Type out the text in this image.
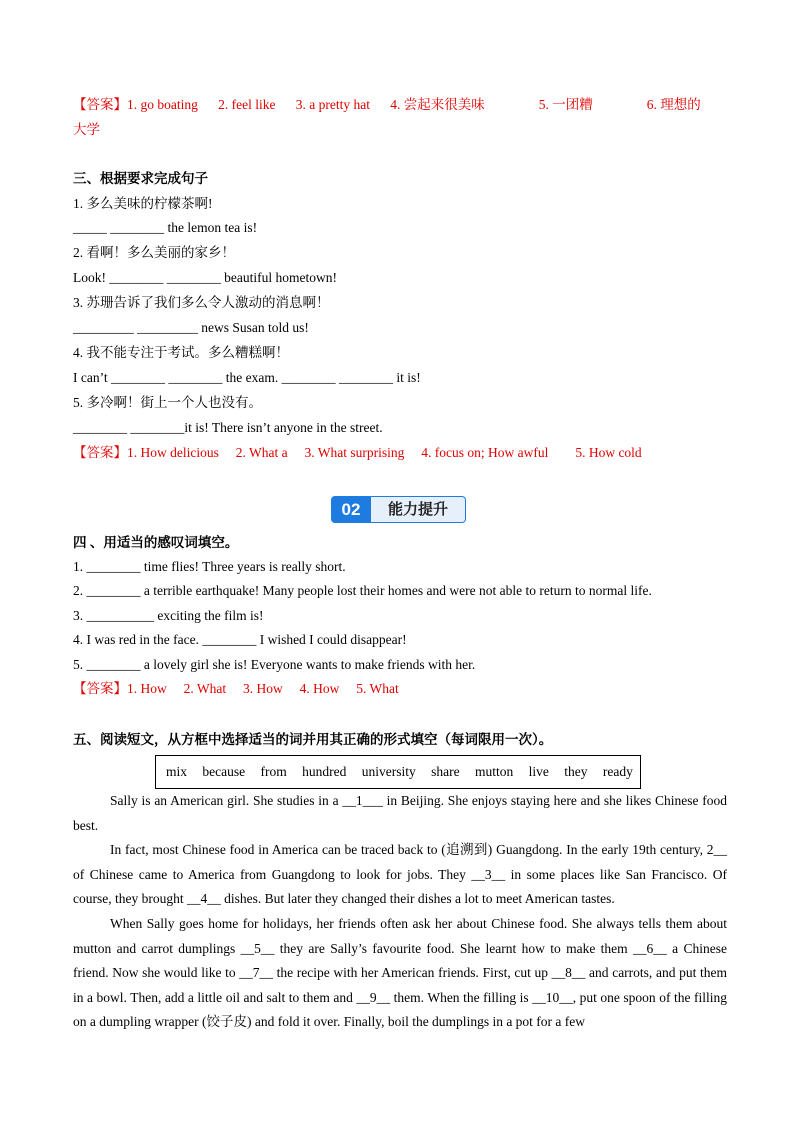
【答案】1. go boating      2. feel like      3. a pretty hat      4. 尝起来很美味                5. 一团糟                6. 理想的
大学
三、根据要求完成句子
1. 多么美味的柠檬茶啊!
_____ ________ the lemon tea is!
2. 看啊！多么美丽的家乡！
Look! ________ ________ beautiful hometown!
3. 苏珊告诉了我们多么令人激动的消息啊！
_________ _________ news Susan told us!
4. 我不能专注于考试。多么糟糕啊！
I can’t ________ ________ the exam. ________ ________ it is!
5. 多冷啊！街上一个人也没有。
________ ________it is! There isn’t anyone in the street.
【答案】1. How delicious     2. What a     3. What surprising     4. focus on; How awful        5. How cold
02	能力提升
四 、用适当的感叹词填空。
1. ________ time flies! Three years is really short.
2. ________ a terrible earthquake! Many people lost their homes and were not able to return to normal life.
3. __________ exciting the film is!
4. I was red in the face. ________ I wished I could disappear!
5. ________ a lovely girl she is! Everyone wants to make friends with her.
【答案】1. How     2. What     3. How     4. How     5. What
五、阅读短文，从方框中选择适当的词并用其正确的形式填空（每词限用一次）。
mix because from hundred university share mutton live they ready
Sally is an American girl. She studies in a __1___ in Beijing. She enjoys staying here and she likes Chinese food best.
In fact, most Chinese food in America can be traced back to (追溯到) Guangdong. In the early 19th century, 2__ of Chinese came to America from Guangdong to look for jobs. They __3__ in some places like San Francisco. Of course, they brought __4__ dishes. But later they changed their dishes a lot to meet American tastes.
When Sally goes home for holidays, her friends often ask her about Chinese food. She always tells them about mutton and carrot dumplings __5__ they are Sally’s favourite food. She learnt how to make them __6__ a Chinese friend. Now she would like to __7__ the recipe with her American friends. First, cut up __8__ and carrots, and put them in a bowl. Then, add a little oil and salt to them and __9__ them. When the filling is __10__, put one spoon of the filling on a dumpling wrapper (饺子皮) and fold it over. Finally, boil the dumplings in a pot for a few
